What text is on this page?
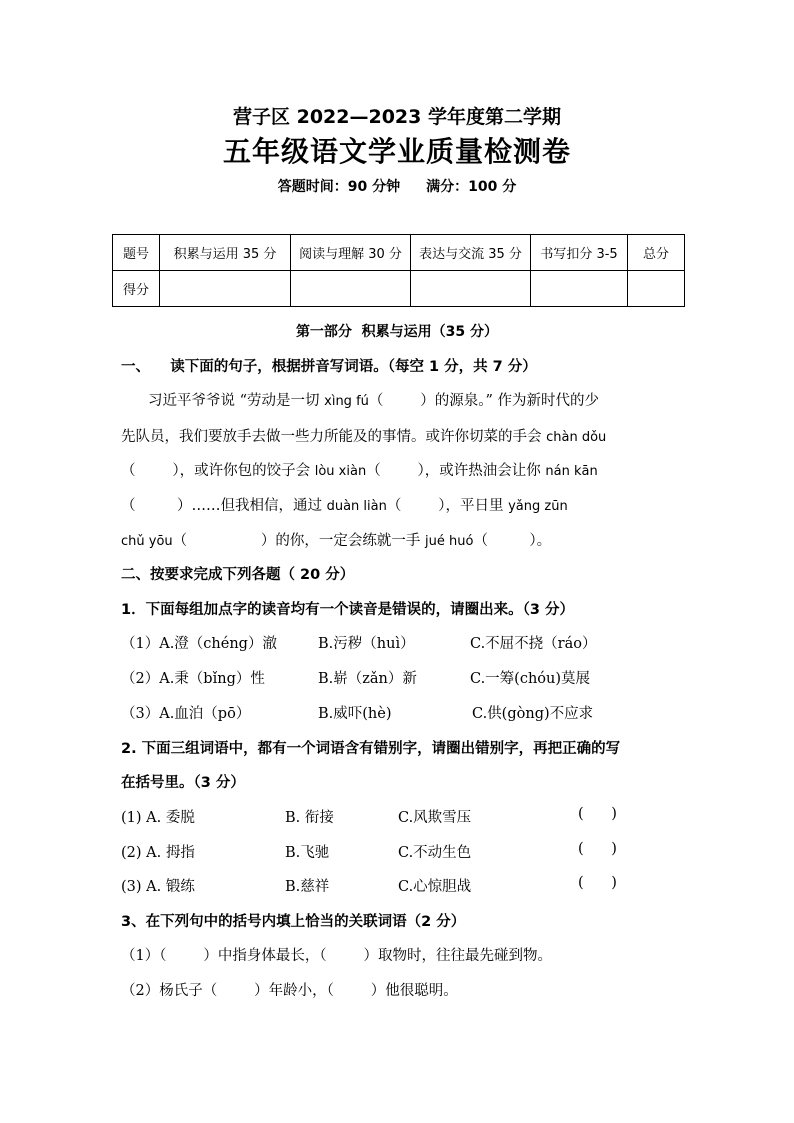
营子区 2022—2023 学年度第二学期
五年级语文学业质量检测卷
答题时间：90 分钟 满分：100 分
题号	积累与运用 35 分	阅读与理解 30 分	表达与交流 35 分	书写扣分 3-5	总分
得分					
第一部分  积累与运用（35 分）
一、    读下面的句子，根据拼音写词语。（每空 1 分，共 7 分）
习近平爷爷说 “劳动是一切 xìng fú（        ）的源泉。” 作为新时代的少
先队员，我们要放手去做一些力所能及的事情。或许你切菜的手会 chàn dǒu
（        ），或许你包的饺子会 lòu xiàn（        ），或许热油会让你 nán kān
（         ）……但我相信，通过 duàn liàn（        ），平日里 yǎng zūn
chǔ yōu（                ）的你，一定会练就一手 jué huó（         ）。
二、按要求完成下列各题（ 20 分）
1．下面每组加点字的读音均有一个读音是错误的，请圈出来。（3 分）
（1）A.澄（chéng）澈	B.污秽（huì）	C.不屈不挠（ráo）
（2）A.秉（bǐng）性	B.崭（zǎn）新	C.一筹(chóu)莫展
（3）A.血泊（pō）	B.威吓(hè)	C.供(gòng)不应求
2. 下面三组词语中，都有一个词语含有错别字，请圈出错别字，再把正确的写
在括号里。（3 分）
(1) A. 委脱	B. 衔接	C.风欺雪压	(      )
(2) A. 拇指	B.飞驰	C.不动生色	(      )
(3) A. 锻练	B.慈祥	C.心惊胆战	(      )
3、在下列句中的括号内填上恰当的关联词语（2 分）
（1）（        ）中指身体最长，（        ）取物时，往往最先碰到物。
（2）杨氏子（        ）年龄小，（        ）他很聪明。
